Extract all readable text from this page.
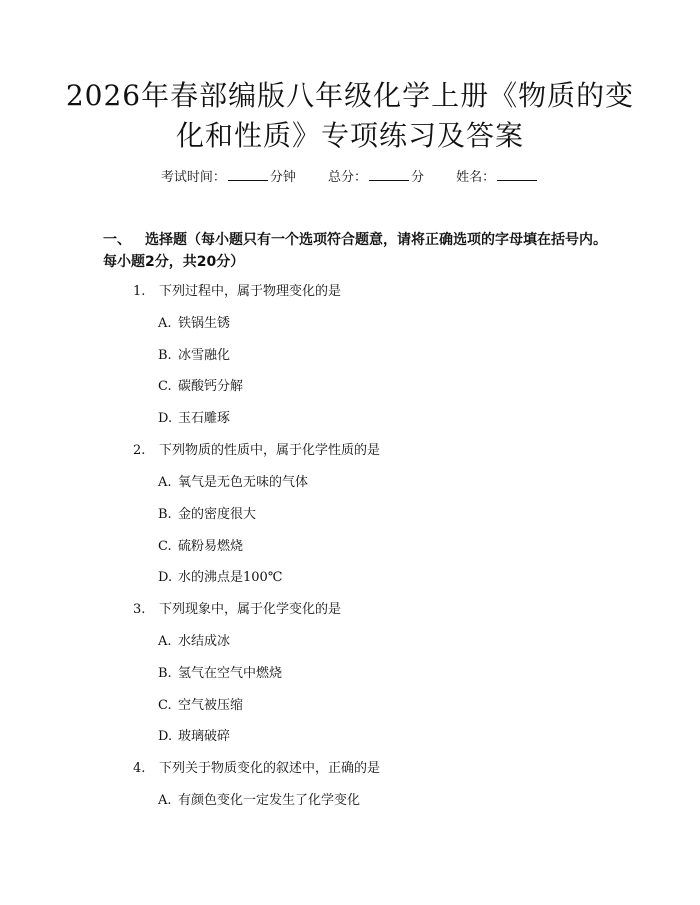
2026年春部编版八年级化学上册《物质的变
化和性质》专项练习及答案
考试时间：	分钟 总分：	分 姓名：
一、 选择题（每小题只有一个选项符合题意，请将正确选项的字母填在括号内。
每小题2分，共20分）
1. 下列过程中，属于物理变化的是
A. 铁锅生锈
B. 冰雪融化
C. 碳酸钙分解
D. 玉石雕琢
2. 下列物质的性质中，属于化学性质的是
A. 氧气是无色无味的气体
B. 金的密度很大
C. 硫粉易燃烧
D. 水的沸点是100℃
3. 下列现象中，属于化学变化的是
A. 水结成冰
B. 氢气在空气中燃烧
C. 空气被压缩
D. 玻璃破碎
4. 下列关于物质变化的叙述中，正确的是
A. 有颜色变化一定发生了化学变化
